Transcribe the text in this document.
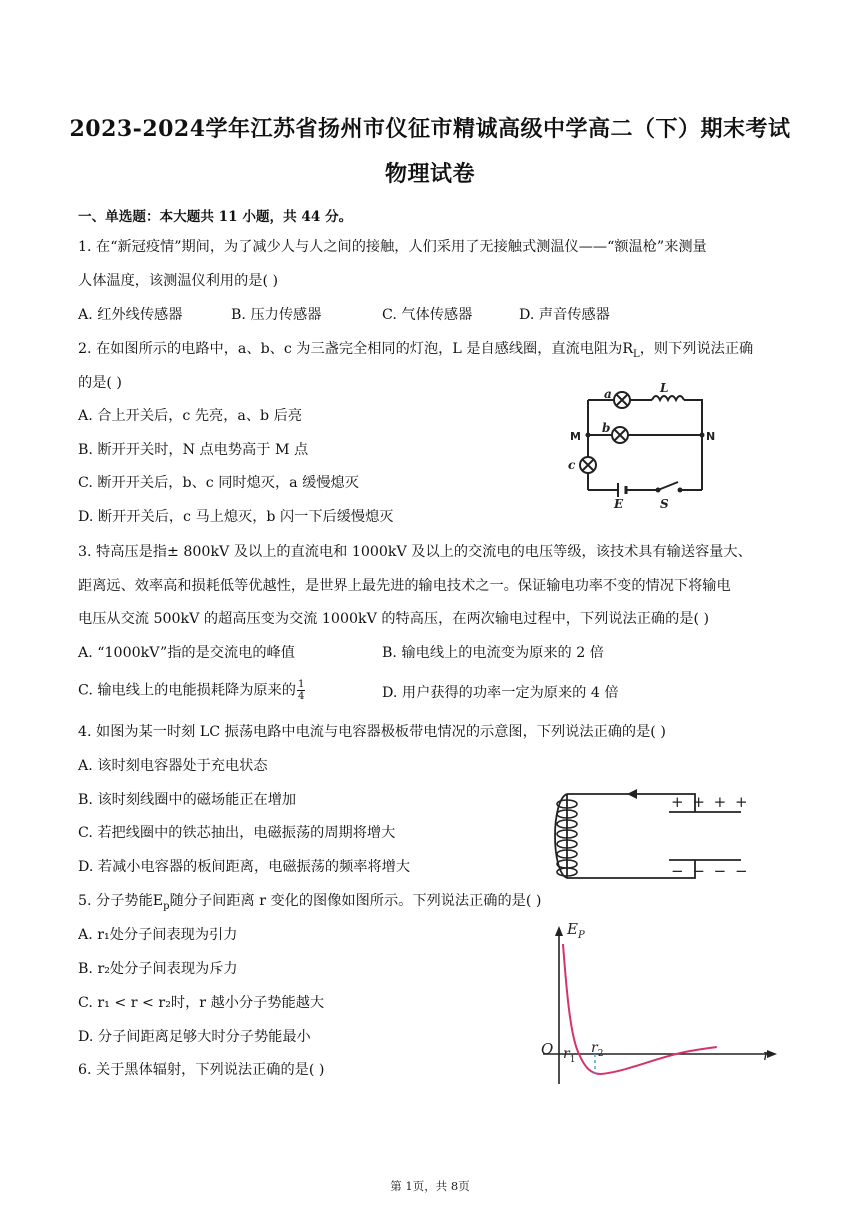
2023-2024学年江苏省扬州市仪征市精诚高级中学高二（下）期末考试
物理试卷
一、单选题：本大题共 11 小题，共 44 分。
1. 在“新冠疫情”期间，为了减少人与人之间的接触，人们采用了无接触式测温仪——“额温枪”来测量
人体温度，该测温仪利用的是( )
A. 红外线传感器	B. 压力传感器	C. 气体传感器	D. 声音传感器
2. 在如图所示的电路中，a、b、c 为三盏完全相同的灯泡，L 是自感线圈，直流电阻为$R_L$，则下列说法正确
的是( )
A. 合上开关后，c 先亮，a、b 后亮
B. 断开开关时，N 点电势高于 M 点
C. 断开开关后，b、c 同时熄灭，a 缓慢熄灭
D. 断开开关后，c 马上熄灭，b 闪一下后缓慢熄灭
a	L
b
c
E	S
M	N
3. 特高压是指± 800kV 及以上的直流电和 1000kV 及以上的交流电的电压等级，该技术具有输送容量大、
距离远、效率高和损耗低等优越性，是世界上最先进的输电技术之一。保证输电功率不变的情况下将输电
电压从交流 500kV 的超高压变为交流 1000kV 的特高压，在两次输电过程中，下列说法正确的是( )
A. “1000kV”指的是交流电的峰值	B. 输电线上的电流变为原来的 2 倍
C. 输电线上的电能损耗降为原来的 $\frac{1}{4}$	D. 用户获得的功率一定为原来的 4 倍
4. 如图为某一时刻 LC 振荡电路中电流与电容器极板带电情况的示意图，下列说法正确的是( )
A. 该时刻电容器处于充电状态
B. 该时刻线圈中的磁场能正在增加
C. 若把线圈中的铁芯抽出，电磁振荡的周期将增大
D. 若减小电容器的板间距离，电磁振荡的频率将增大
+ + + +
− − − −
5. 分子势能$E_p$随分子间距离 r 变化的图像如图所示。下列说法正确的是( )
A. r₁处分子间表现为引力
B. r₂处分子间表现为斥力
C. r₁ < r < r₂时，r 越小分子势能越大
D. 分子间距离足够大时分子势能最小
$E_P$
O	r
$r_1$
$r_2$
6. 关于黑体辐射，下列说法正确的是( )
第 1页，共 8页
